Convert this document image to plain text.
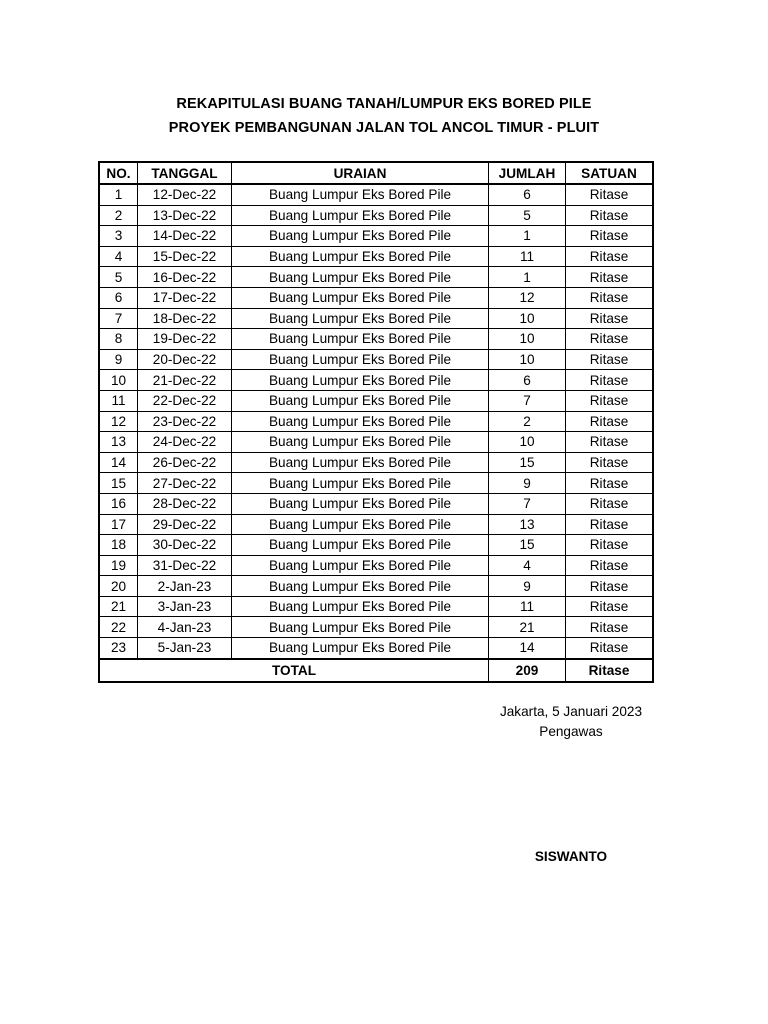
REKAPITULASI BUANG TANAH/LUMPUR EKS BORED PILE
PROYEK PEMBANGUNAN JALAN TOL ANCOL TIMUR - PLUIT
NO.	TANGGAL	URAIAN	JUMLAH	SATUAN
1	12-Dec-22	Buang Lumpur Eks Bored Pile	6	Ritase
2	13-Dec-22	Buang Lumpur Eks Bored Pile	5	Ritase
3	14-Dec-22	Buang Lumpur Eks Bored Pile	1	Ritase
4	15-Dec-22	Buang Lumpur Eks Bored Pile	11	Ritase
5	16-Dec-22	Buang Lumpur Eks Bored Pile	1	Ritase
6	17-Dec-22	Buang Lumpur Eks Bored Pile	12	Ritase
7	18-Dec-22	Buang Lumpur Eks Bored Pile	10	Ritase
8	19-Dec-22	Buang Lumpur Eks Bored Pile	10	Ritase
9	20-Dec-22	Buang Lumpur Eks Bored Pile	10	Ritase
10	21-Dec-22	Buang Lumpur Eks Bored Pile	6	Ritase
11	22-Dec-22	Buang Lumpur Eks Bored Pile	7	Ritase
12	23-Dec-22	Buang Lumpur Eks Bored Pile	2	Ritase
13	24-Dec-22	Buang Lumpur Eks Bored Pile	10	Ritase
14	26-Dec-22	Buang Lumpur Eks Bored Pile	15	Ritase
15	27-Dec-22	Buang Lumpur Eks Bored Pile	9	Ritase
16	28-Dec-22	Buang Lumpur Eks Bored Pile	7	Ritase
17	29-Dec-22	Buang Lumpur Eks Bored Pile	13	Ritase
18	30-Dec-22	Buang Lumpur Eks Bored Pile	15	Ritase
19	31-Dec-22	Buang Lumpur Eks Bored Pile	4	Ritase
20	2-Jan-23	Buang Lumpur Eks Bored Pile	9	Ritase
21	3-Jan-23	Buang Lumpur Eks Bored Pile	11	Ritase
22	4-Jan-23	Buang Lumpur Eks Bored Pile	21	Ritase
23	5-Jan-23	Buang Lumpur Eks Bored Pile	14	Ritase
TOTAL			209	Ritase
Jakarta, 5 Januari 2023
Pengawas
SISWANTO
